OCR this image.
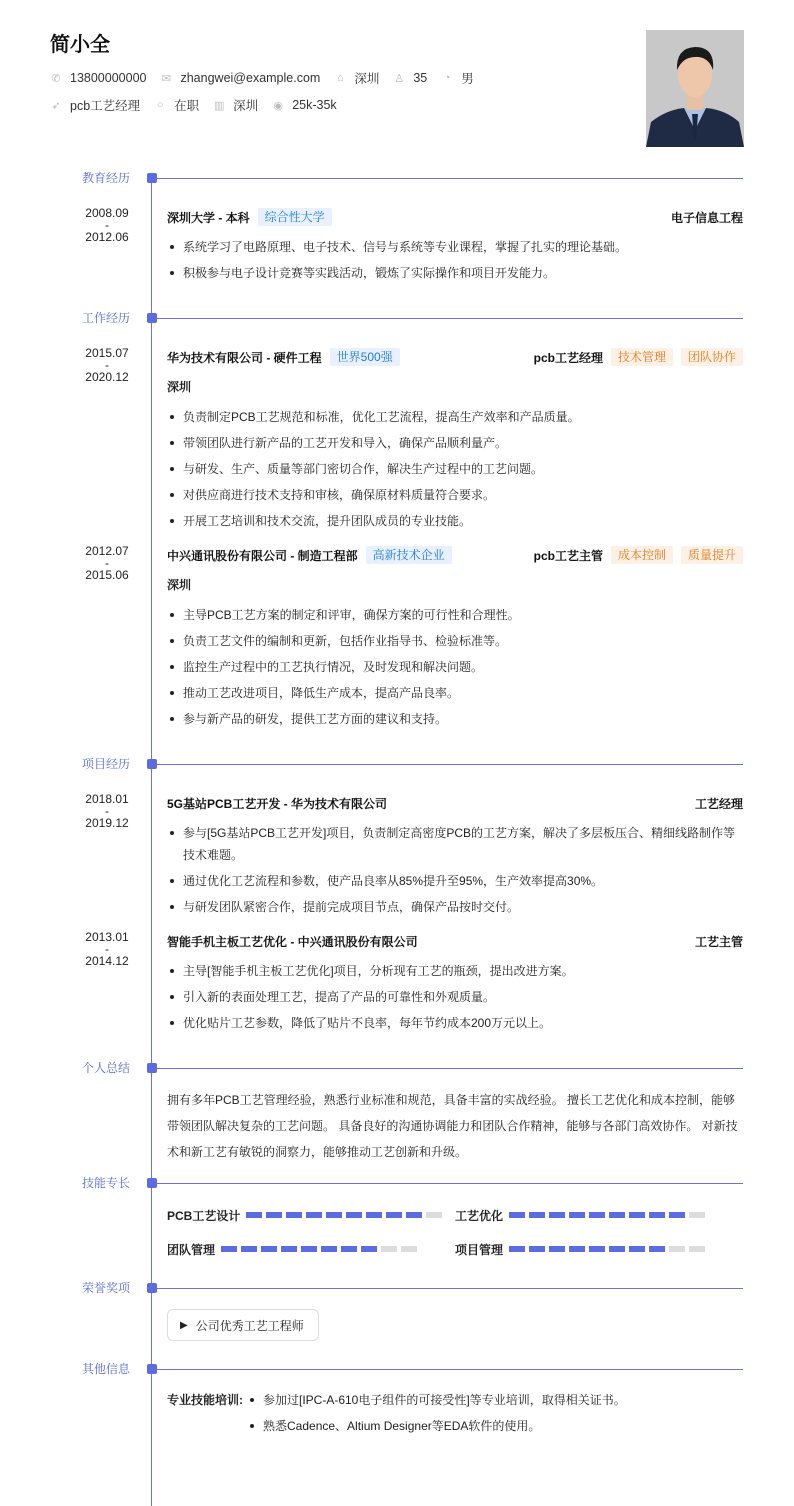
简小全
✆ 13800000000 ✉ zhangwei@example.com ⌂ 深圳 ♙ 35 ◔ 男
➶ pcb工艺经理 ○ 在职 ▥ 深圳 ◉ 25k-35k
教育经历
2008.09
-
2012.06
深圳大学 - 本科	综合性大学	电子信息工程
系统学习了电路原理、电子技术、信号与系统等专业课程，掌握了扎实的理论基础。
积极参与电子设计竞赛等实践活动，锻炼了实际操作和项目开发能力。
工作经历
2015.07
-
2020.12
华为技术有限公司 - 硬件工程	世界500强	pcb工艺经理	技术管理	团队协作
深圳
负责制定PCB工艺规范和标准，优化工艺流程，提高生产效率和产品质量。
带领团队进行新产品的工艺开发和导入，确保产品顺利量产。
与研发、生产、质量等部门密切合作，解决生产过程中的工艺问题。
对供应商进行技术支持和审核，确保原材料质量符合要求。
开展工艺培训和技术交流，提升团队成员的专业技能。
2012.07
-
2015.06
中兴通讯股份有限公司 - 制造工程部	高新技术企业	pcb工艺主管	成本控制	质量提升
深圳
主导PCB工艺方案的制定和评审，确保方案的可行性和合理性。
负责工艺文件的编制和更新，包括作业指导书、检验标准等。
监控生产过程中的工艺执行情况，及时发现和解决问题。
推动工艺改进项目，降低生产成本，提高产品良率。
参与新产品的研发，提供工艺方面的建议和支持。
项目经历
2018.01
-
2019.12
5G基站PCB工艺开发 - 华为技术有限公司	工艺经理
参与[5G基站PCB工艺开发]项目，负责制定高密度PCB的工艺方案，解决了多层板压合、精细线路制作等技术难题。
通过优化工艺流程和参数，使产品良率从85%提升至95%，生产效率提高30%。
与研发团队紧密合作，提前完成项目节点，确保产品按时交付。
2013.01
-
2014.12
智能手机主板工艺优化 - 中兴通讯股份有限公司	工艺主管
主导[智能手机主板工艺优化]项目，分析现有工艺的瓶颈，提出改进方案。
引入新的表面处理工艺，提高了产品的可靠性和外观质量。
优化贴片工艺参数，降低了贴片不良率，每年节约成本200万元以上。
个人总结
拥有多年PCB工艺管理经验，熟悉行业标准和规范，具备丰富的实战经验。 擅长工艺优化和成本控制，能够带领团队解决复杂的工艺问题。 具备良好的沟通协调能力和团队合作精神，能够与各部门高效协作。 对新技术和新工艺有敏锐的洞察力，能够推动工艺创新和升级。
技能专长
PCB工艺设计	工艺优化
团队管理	项目管理
荣誉奖项
▶ 公司优秀工艺工程师
其他信息
专业技能培训:	参加过[IPC-A-610电子组件的可接受性]等专业培训，取得相关证书。
熟悉Cadence、Altium Designer等EDA软件的使用。
